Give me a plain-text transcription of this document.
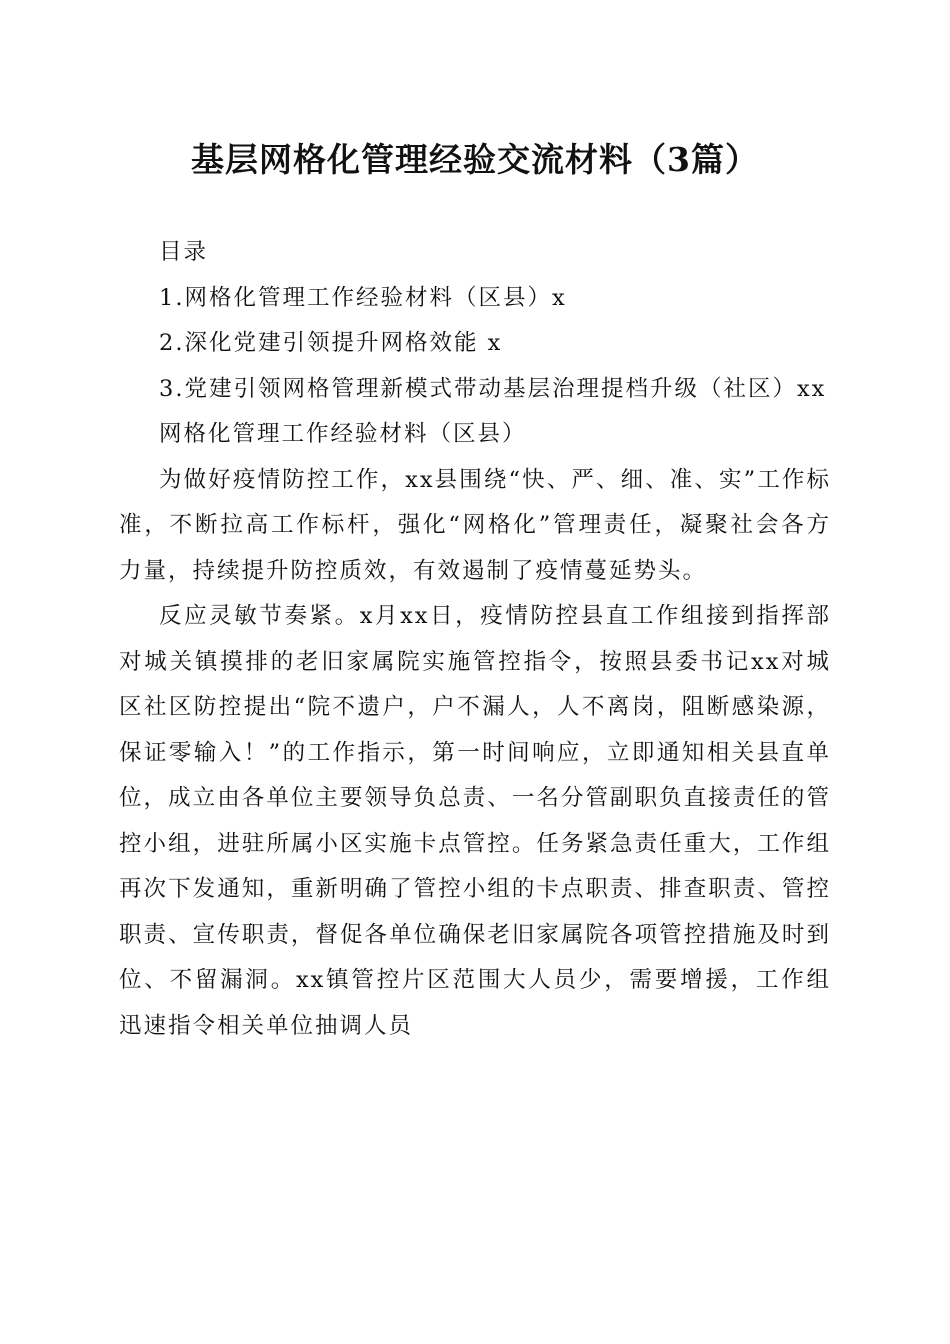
基层网格化管理经验交流材料（3篇）

目录

1.网格化管理工作经验材料（区县）x

2.深化党建引领提升网格效能 x

3.党建引领网格管理新模式带动基层治理提档升级（社区）xx

网格化管理工作经验材料（区县）

为做好疫情防控工作，xx县围绕“快、严、细、准、实”工作标准，不断拉高工作标杆，强化“网格化”管理责任，凝聚社会各方力量，持续提升防控质效，有效遏制了疫情蔓延势头。

反应灵敏节奏紧。x月xx日，疫情防控县直工作组接到指挥部对城关镇摸排的老旧家属院实施管控指令，按照县委书记xx对城区社区防控提出“院不遗户，户不漏人，人不离岗，阻断感染源，保证零输入！”的工作指示，第一时间响应，立即通知相关县直单位，成立由各单位主要领导负总责、一名分管副职负直接责任的管控小组，进驻所属小区实施卡点管控。任务紧急责任重大，工作组再次下发通知，重新明确了管控小组的卡点职责、排查职责、管控职责、宣传职责，督促各单位确保老旧家属院各项管控措施及时到位、不留漏洞。xx镇管控片区范围大人员少，需要增援，工作组迅速指令相关单位抽调人员
